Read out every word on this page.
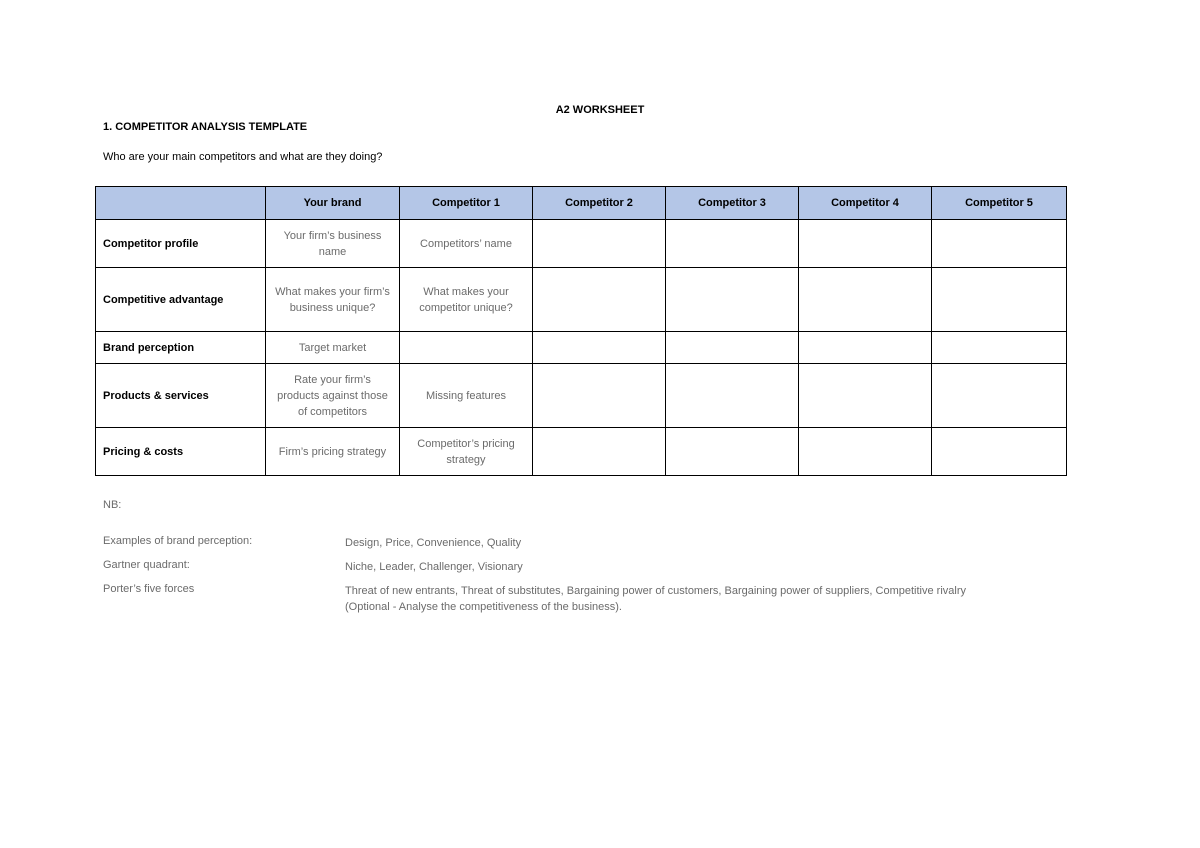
A2 WORKSHEET
1. COMPETITOR ANALYSIS TEMPLATE
Who are your main competitors and what are they doing?
	Your brand	Competitor 1	Competitor 2	Competitor 3	Competitor 4	Competitor 5
Competitor profile	Your firm’s business name	Competitors’ name				
Competitive advantage	What makes your firm’s business unique?	What makes your competitor unique?				
Brand perception	Target market					
Products & services	Rate your firm’s products against those of competitors	Missing features				
Pricing & costs	Firm’s pricing strategy	Competitor’s pricing strategy				
NB:
Examples of brand perception:	Design, Price, Convenience, Quality
Gartner quadrant:	Niche, Leader, Challenger, Visionary
Porter’s five forces	Threat of new entrants, Threat of substitutes, Bargaining power of customers, Bargaining power of suppliers, Competitive rivalry
(Optional - Analyse the competitiveness of the business).
